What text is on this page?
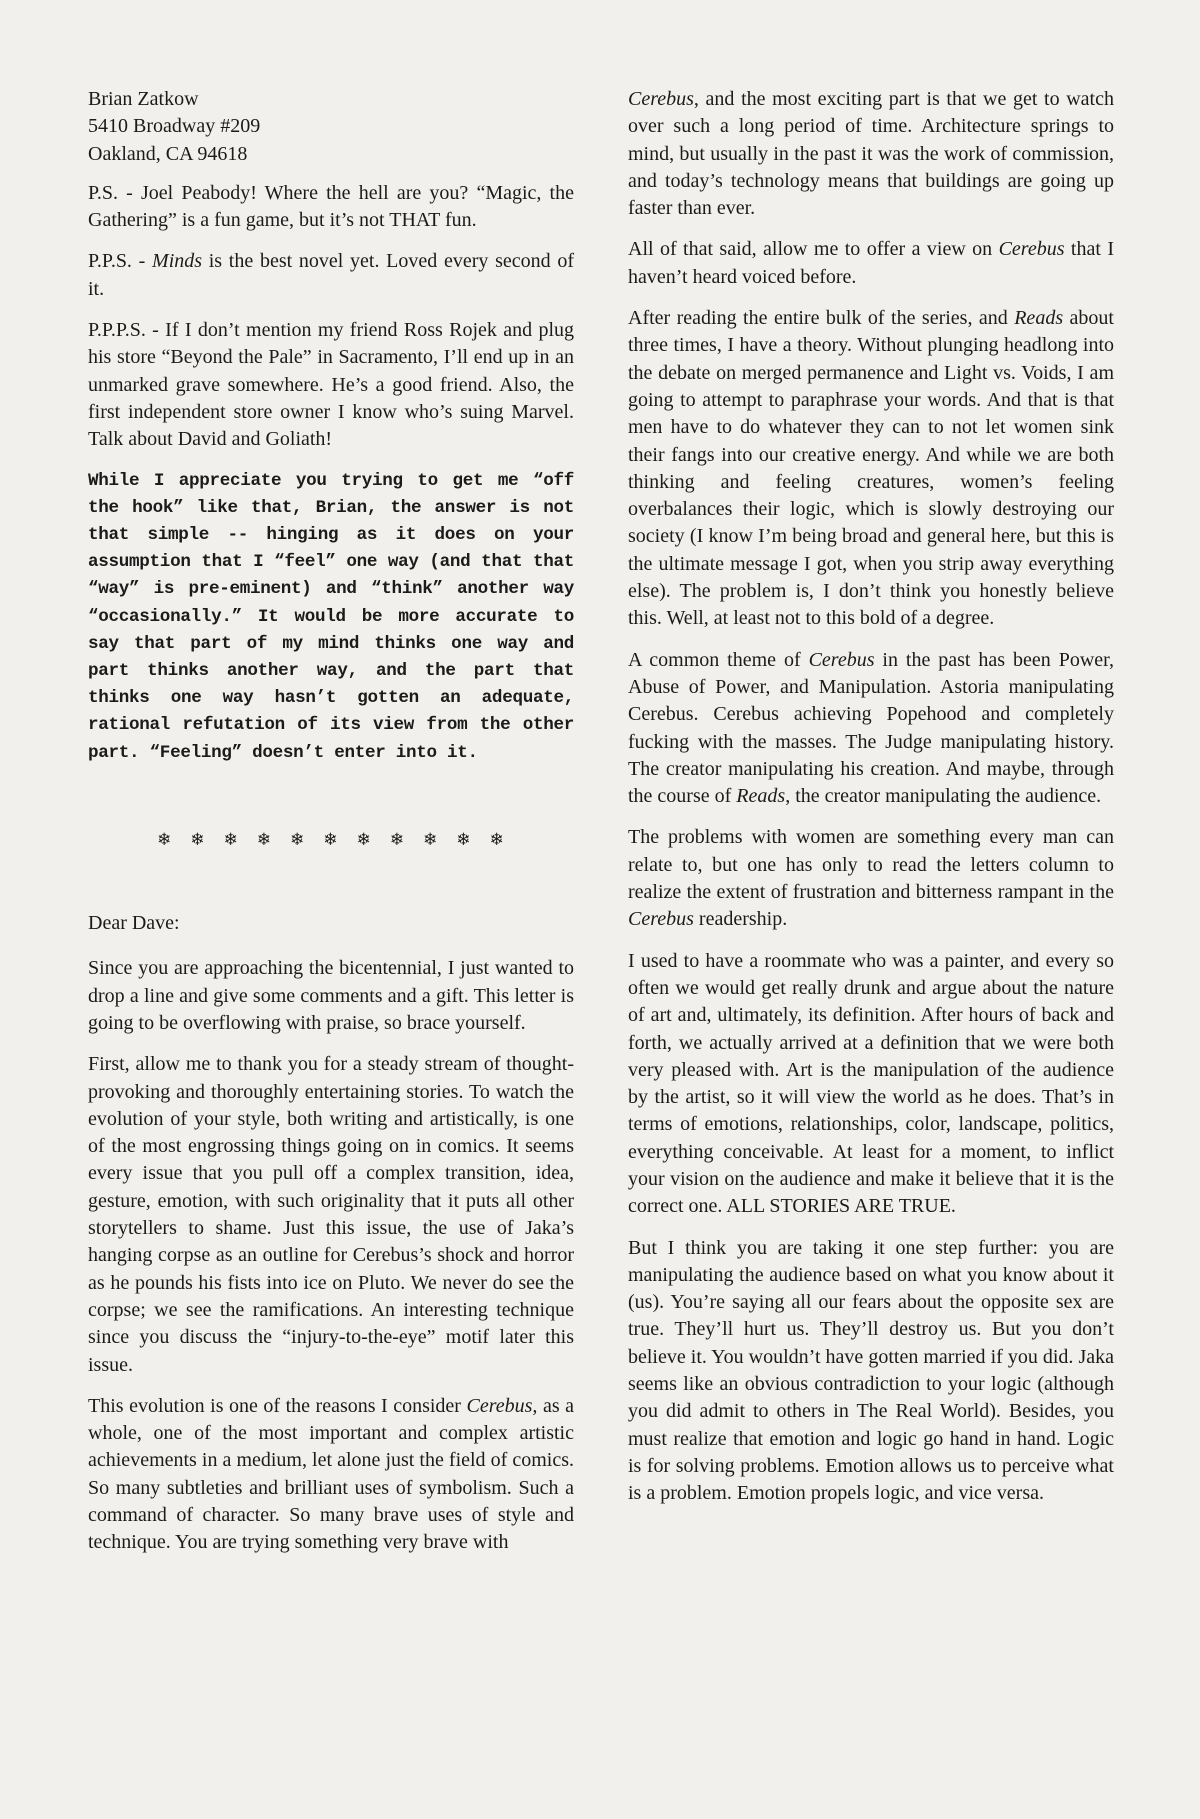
Brian Zatkow
5410 Broadway #209
Oakland, CA 94618

P.S. - Joel Peabody! Where the hell are you? “Magic, the Gathering” is a fun game, but it’s not THAT fun.

P.P.S. - Minds is the best novel yet. Loved every second of it.

P.P.P.S. - If I don’t mention my friend Ross Rojek and plug his store “Beyond the Pale” in Sacramento, I’ll end up in an unmarked grave somewhere. He’s a good friend. Also, the first independent store owner I know who’s suing Marvel. Talk about David and Goliath!

While I appreciate you trying to get me “off the hook” like that, Brian, the answer is not that simple -- hinging as it does on your assumption that I “feel” one way (and that that “way” is pre-eminent) and “think” another way “occasionally.” It would be more accurate to say that part of my mind thinks one way and part thinks another way, and the part that thinks one way hasn’t gotten an adequate, rational refutation of its view from the other part. “Feeling” doesn’t enter into it.

❄❄❄❄❄❄❄❄❄❄❄

Dear Dave:

Since you are approaching the bicentennial, I just wanted to drop a line and give some comments and a gift. This letter is going to be overflowing with praise, so brace yourself.

First, allow me to thank you for a steady stream of thought-provoking and thoroughly entertaining stories. To watch the evolution of your style, both writing and artistically, is one of the most engrossing things going on in comics. It seems every issue that you pull off a complex transition, idea, gesture, emotion, with such originality that it puts all other storytellers to shame. Just this issue, the use of Jaka’s hanging corpse as an outline for Cerebus’s shock and horror as he pounds his fists into ice on Pluto. We never do see the corpse; we see the ramifications. An interesting technique since you discuss the “injury-to-the-eye” motif later this issue.

This evolution is one of the reasons I consider Cerebus, as a whole, one of the most important and complex artistic achievements in a medium, let alone just the field of comics. So many subtleties and brilliant uses of symbolism. Such a command of character. So many brave uses of style and technique. You are trying something very brave with

Cerebus, and the most exciting part is that we get to watch over such a long period of time. Architecture springs to mind, but usually in the past it was the work of commission, and today’s technology means that buildings are going up faster than ever.

All of that said, allow me to offer a view on Cerebus that I haven’t heard voiced before.

After reading the entire bulk of the series, and Reads about three times, I have a theory. Without plunging headlong into the debate on merged permanence and Light vs. Voids, I am going to attempt to paraphrase your words. And that is that men have to do whatever they can to not let women sink their fangs into our creative energy. And while we are both thinking and feeling creatures, women’s feeling overbalances their logic, which is slowly destroying our society (I know I’m being broad and general here, but this is the ultimate message I got, when you strip away everything else). The problem is, I don’t think you honestly believe this. Well, at least not to this bold of a degree.

A common theme of Cerebus in the past has been Power, Abuse of Power, and Manipulation. Astoria manipulating Cerebus. Cerebus achieving Popehood and completely fucking with the masses. The Judge manipulating history. The creator manipulating his creation. And maybe, through the course of Reads, the creator manipulating the audience.

The problems with women are something every man can relate to, but one has only to read the letters column to realize the extent of frustration and bitterness rampant in the Cerebus readership.

I used to have a roommate who was a painter, and every so often we would get really drunk and argue about the nature of art and, ultimately, its definition. After hours of back and forth, we actually arrived at a definition that we were both very pleased with. Art is the manipulation of the audience by the artist, so it will view the world as he does. That’s in terms of emotions, relationships, color, landscape, politics, everything conceivable. At least for a moment, to inflict your vision on the audience and make it believe that it is the correct one. ALL STORIES ARE TRUE.

But I think you are taking it one step further: you are manipulating the audience based on what you know about it (us). You’re saying all our fears about the opposite sex are true. They’ll hurt us. They’ll destroy us. But you don’t believe it. You wouldn’t have gotten married if you did. Jaka seems like an obvious contradiction to your logic (although you did admit to others in The Real World). Besides, you must realize that emotion and logic go hand in hand. Logic is for solving problems. Emotion allows us to perceive what is a problem. Emotion propels logic, and vice versa.
